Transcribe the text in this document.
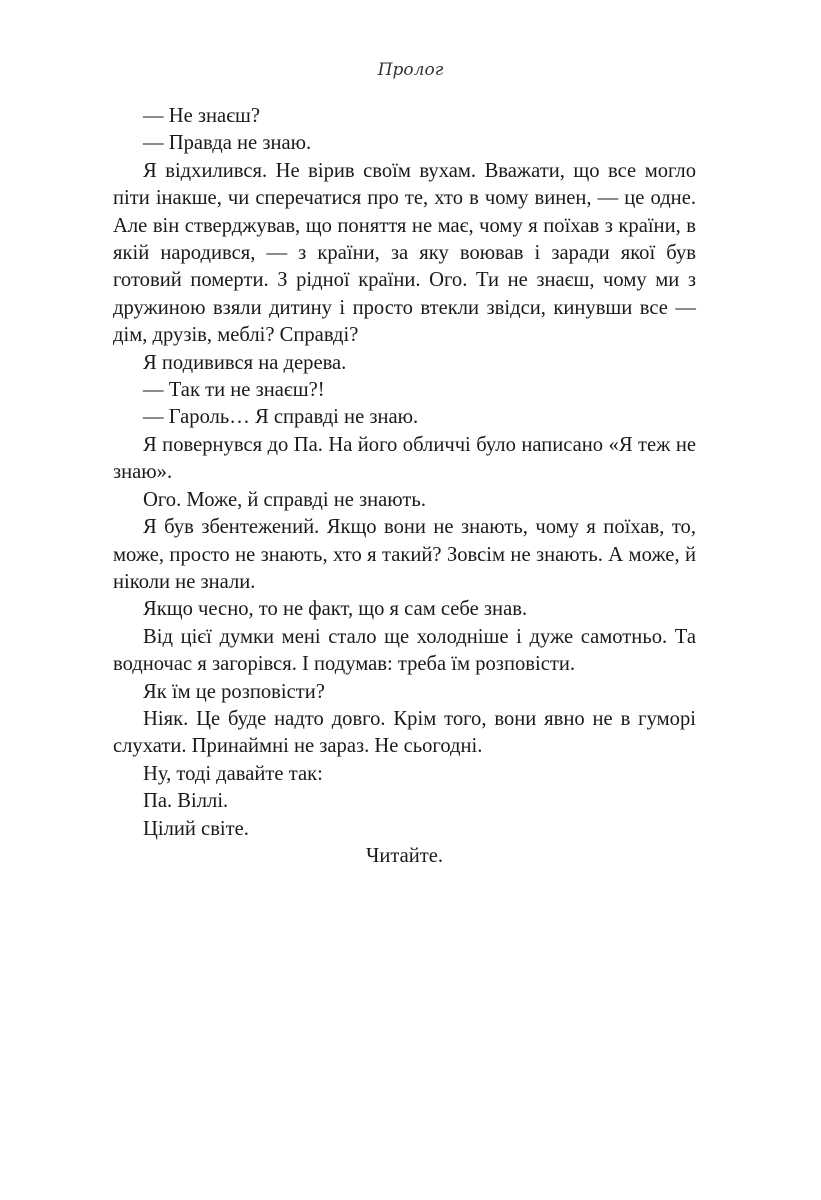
Пролог

— Не знаєш?

— Правда не знаю.

Я відхилився. Не вірив своїм вухам. Вважати, що все могло піти інакше, чи сперечатися про те, хто в чому винен, — це одне. Але він стверджував, що поняття не має, чому я поїхав з країни, в якій народився, — з країни, за яку воював і заради якої був готовий померти. З рідної країни. Ого. Ти не знаєш, чому ми з дружиною взяли дитину і просто втекли звідси, кинувши все — дім, друзів, меблі? Справді?

Я подивився на дерева.

— Так ти не знаєш?!

— Гароль… Я справді не знаю.

Я повернувся до Па. На його обличчі було написано «Я теж не знаю».

Ого. Може, й справді не знають.

Я був збентежений. Якщо вони не знають, чому я поїхав, то, може, просто не знають, хто я такий? Зовсім не знають. А може, й ніколи не знали.

Якщо чесно, то не факт, що я сам себе знав.

Від цієї думки мені стало ще холодніше і дуже самотньо. Та водночас я загорівся. І подумав: треба їм розповісти.

Як їм це розповісти?

Ніяк. Це буде надто довго. Крім того, вони явно не в гуморі слухати. Принаймні не зараз. Не сьогодні.

Ну, тоді давайте так:

Па. Віллі.

Цілий світе.

Читайте.
